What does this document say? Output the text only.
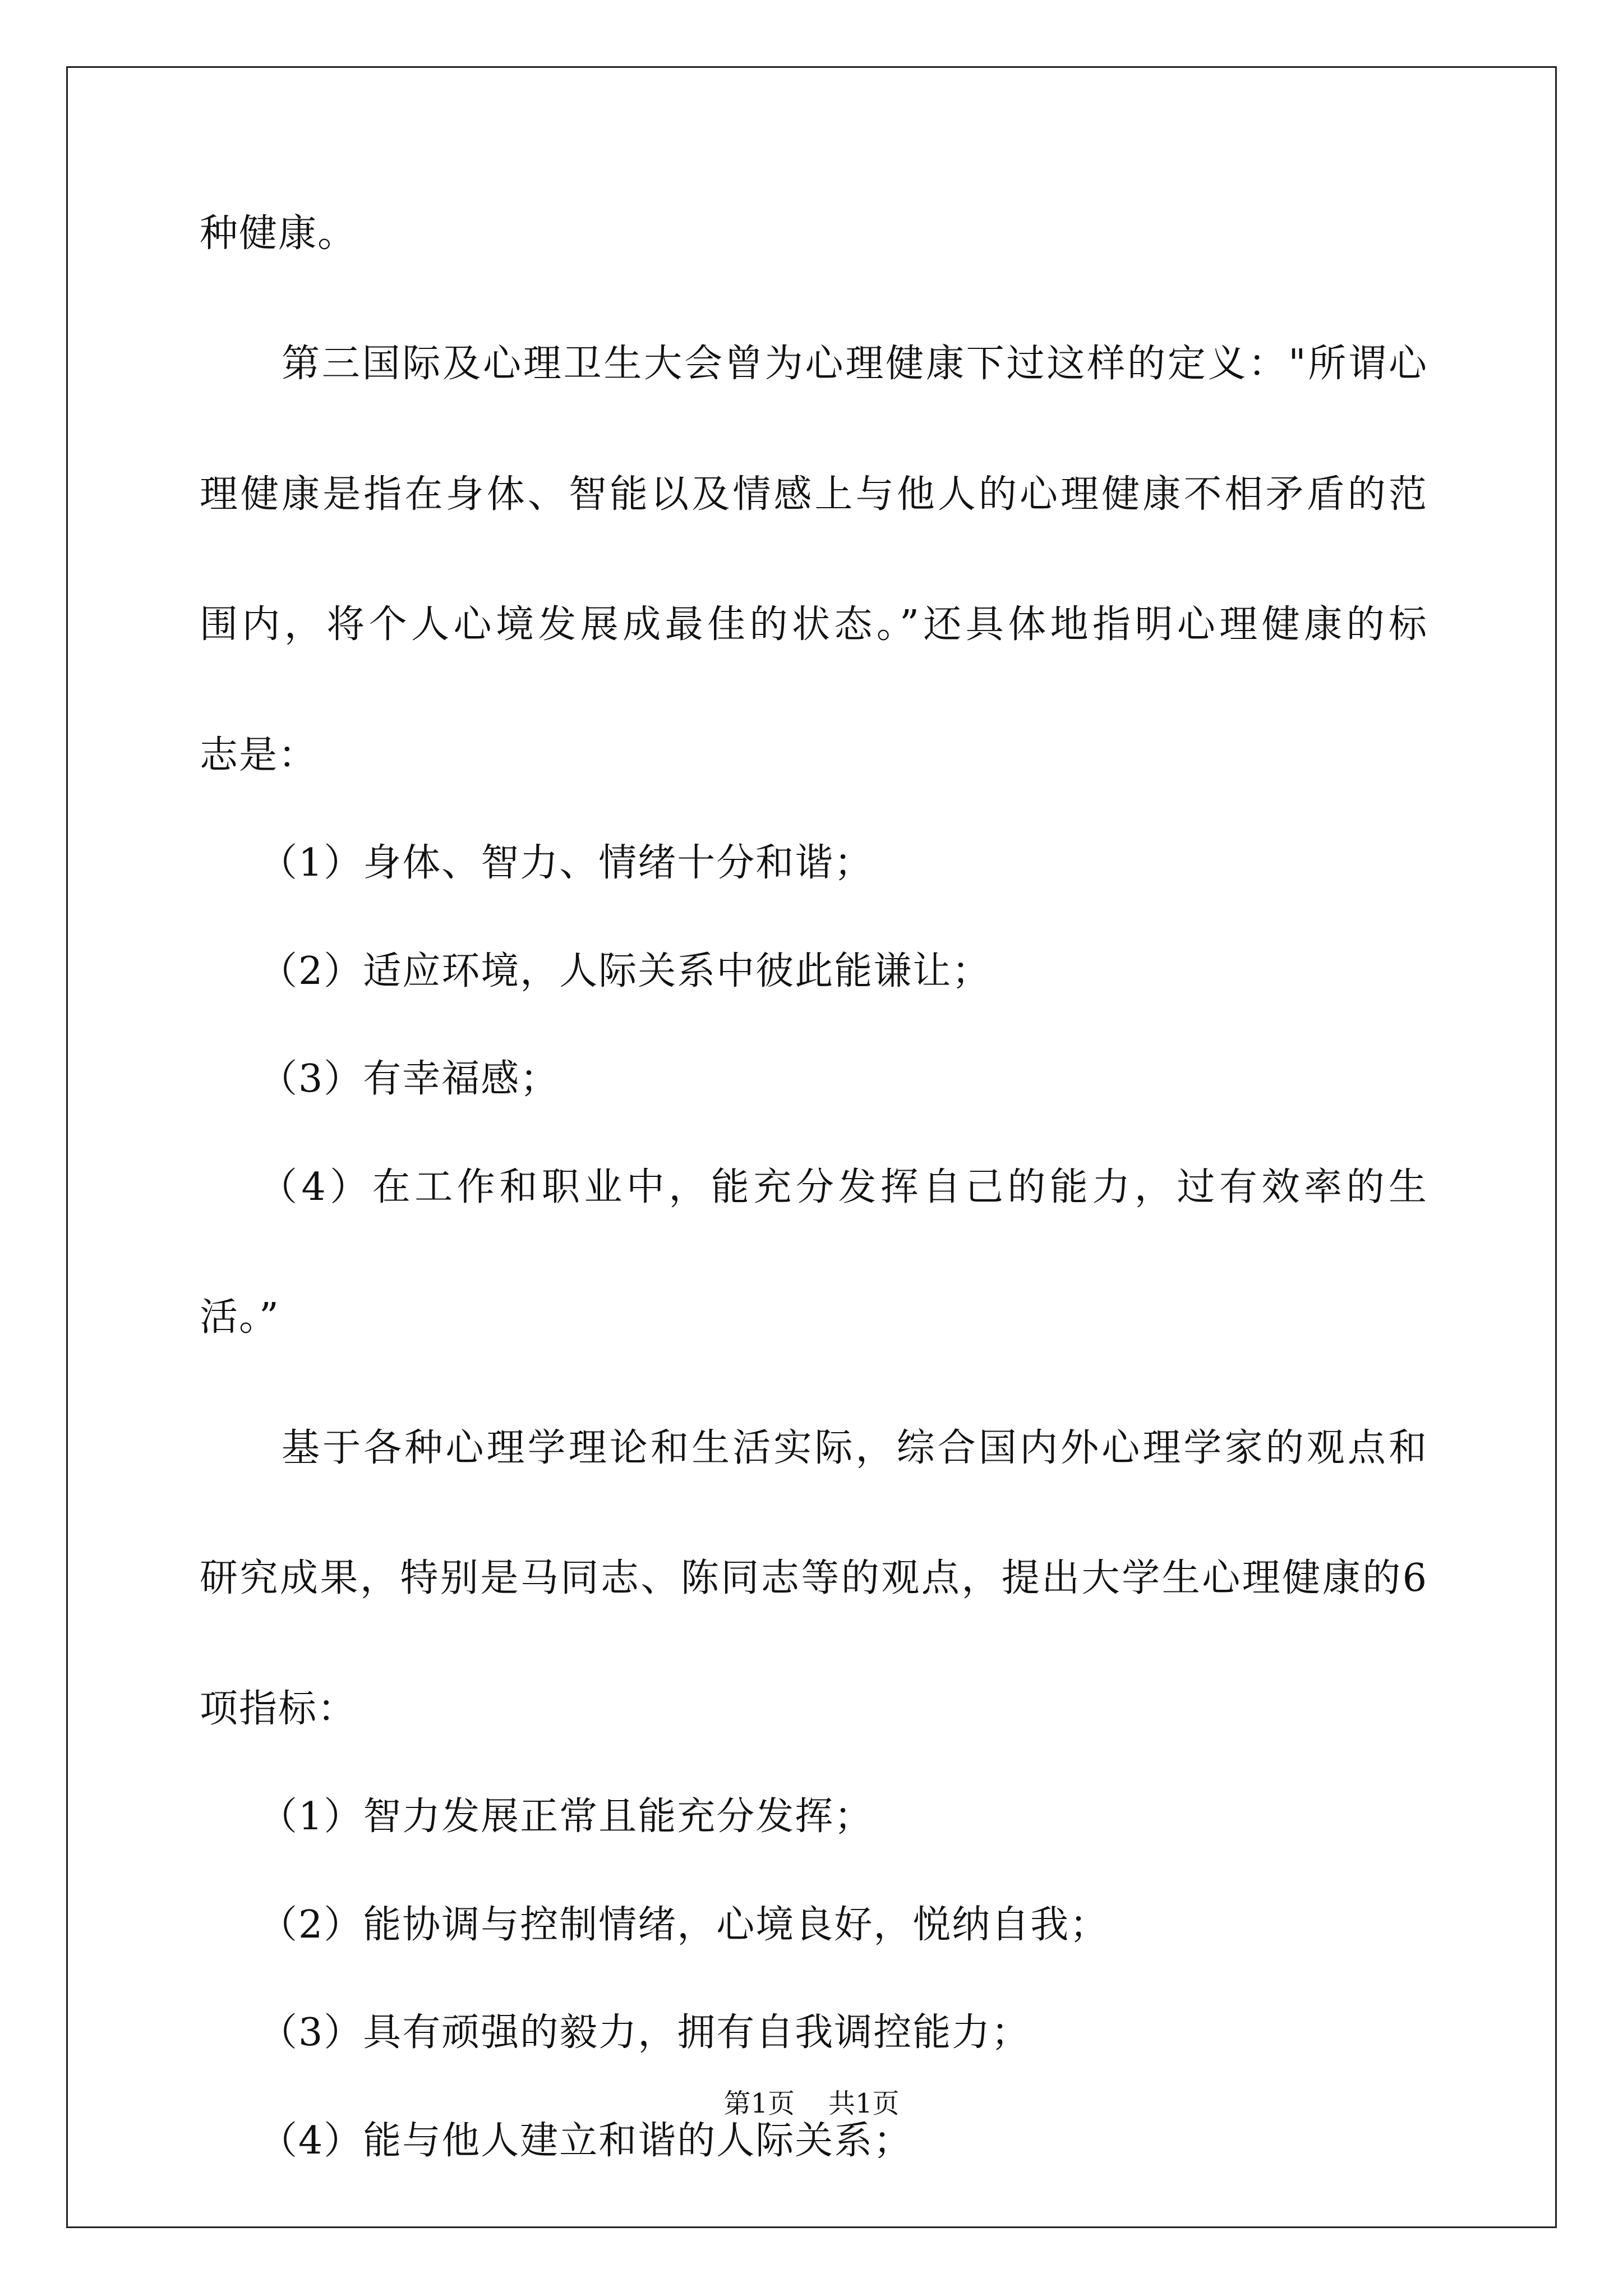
种健康。
第三国际及心理卫生大会曾为心理健康下过这样的定义："所谓心
理健康是指在身体、智能以及情感上与他人的心理健康不相矛盾的范
围内，将个人心境发展成最佳的状态。”还具体地指明心理健康的标
志是：
（1）身体、智力、情绪十分和谐；
（2）适应环境，人际关系中彼此能谦让；
（3）有幸福感；
（4）在工作和职业中，能充分发挥自己的能力，过有效率的生
活。”
基于各种心理学理论和生活实际，综合国内外心理学家的观点和
研究成果，特别是马同志、陈同志等的观点，提出大学生心理健康的6
项指标：
（1）智力发展正常且能充分发挥；
（2）能协调与控制情绪，心境良好，悦纳自我；
（3）具有顽强的毅力，拥有自我调控能力；
（4）能与他人建立和谐的人际关系；
第1页 共1页
